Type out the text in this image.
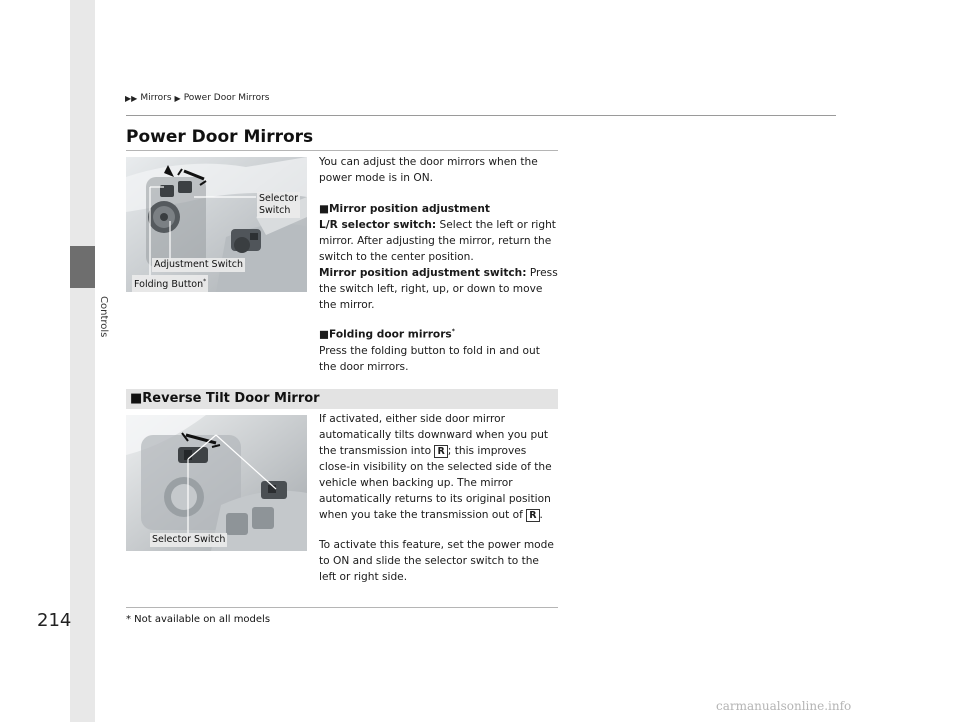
Controls
214
▶▶ Mirrors ▶ Power Door Mirrors
Power Door Mirrors
Selector
Switch
Adjustment Switch
Folding Button*

You can adjust the door mirrors when the power mode is in ON.

■Mirror position adjustment

L/R selector switch: Select the left or right mirror. After adjusting the mirror, return the switch to the center position.

Mirror position adjustment switch: Press the switch left, right, up, or down to move the mirror.

■Folding door mirrors*

Press the folding button to fold in and out the door mirrors.

■Reverse Tilt Door Mirror
Selector Switch

If activated, either side door mirror automatically tilts downward when you put the transmission into R ; this improves close-in visibility on the selected side of the vehicle when backing up. The mirror automatically returns to its original position when you take the transmission out of R .

To activate this feature, set the power mode to ON and slide the selector switch to the left or right side.

* Not available on all models
carmanualsonline.info
